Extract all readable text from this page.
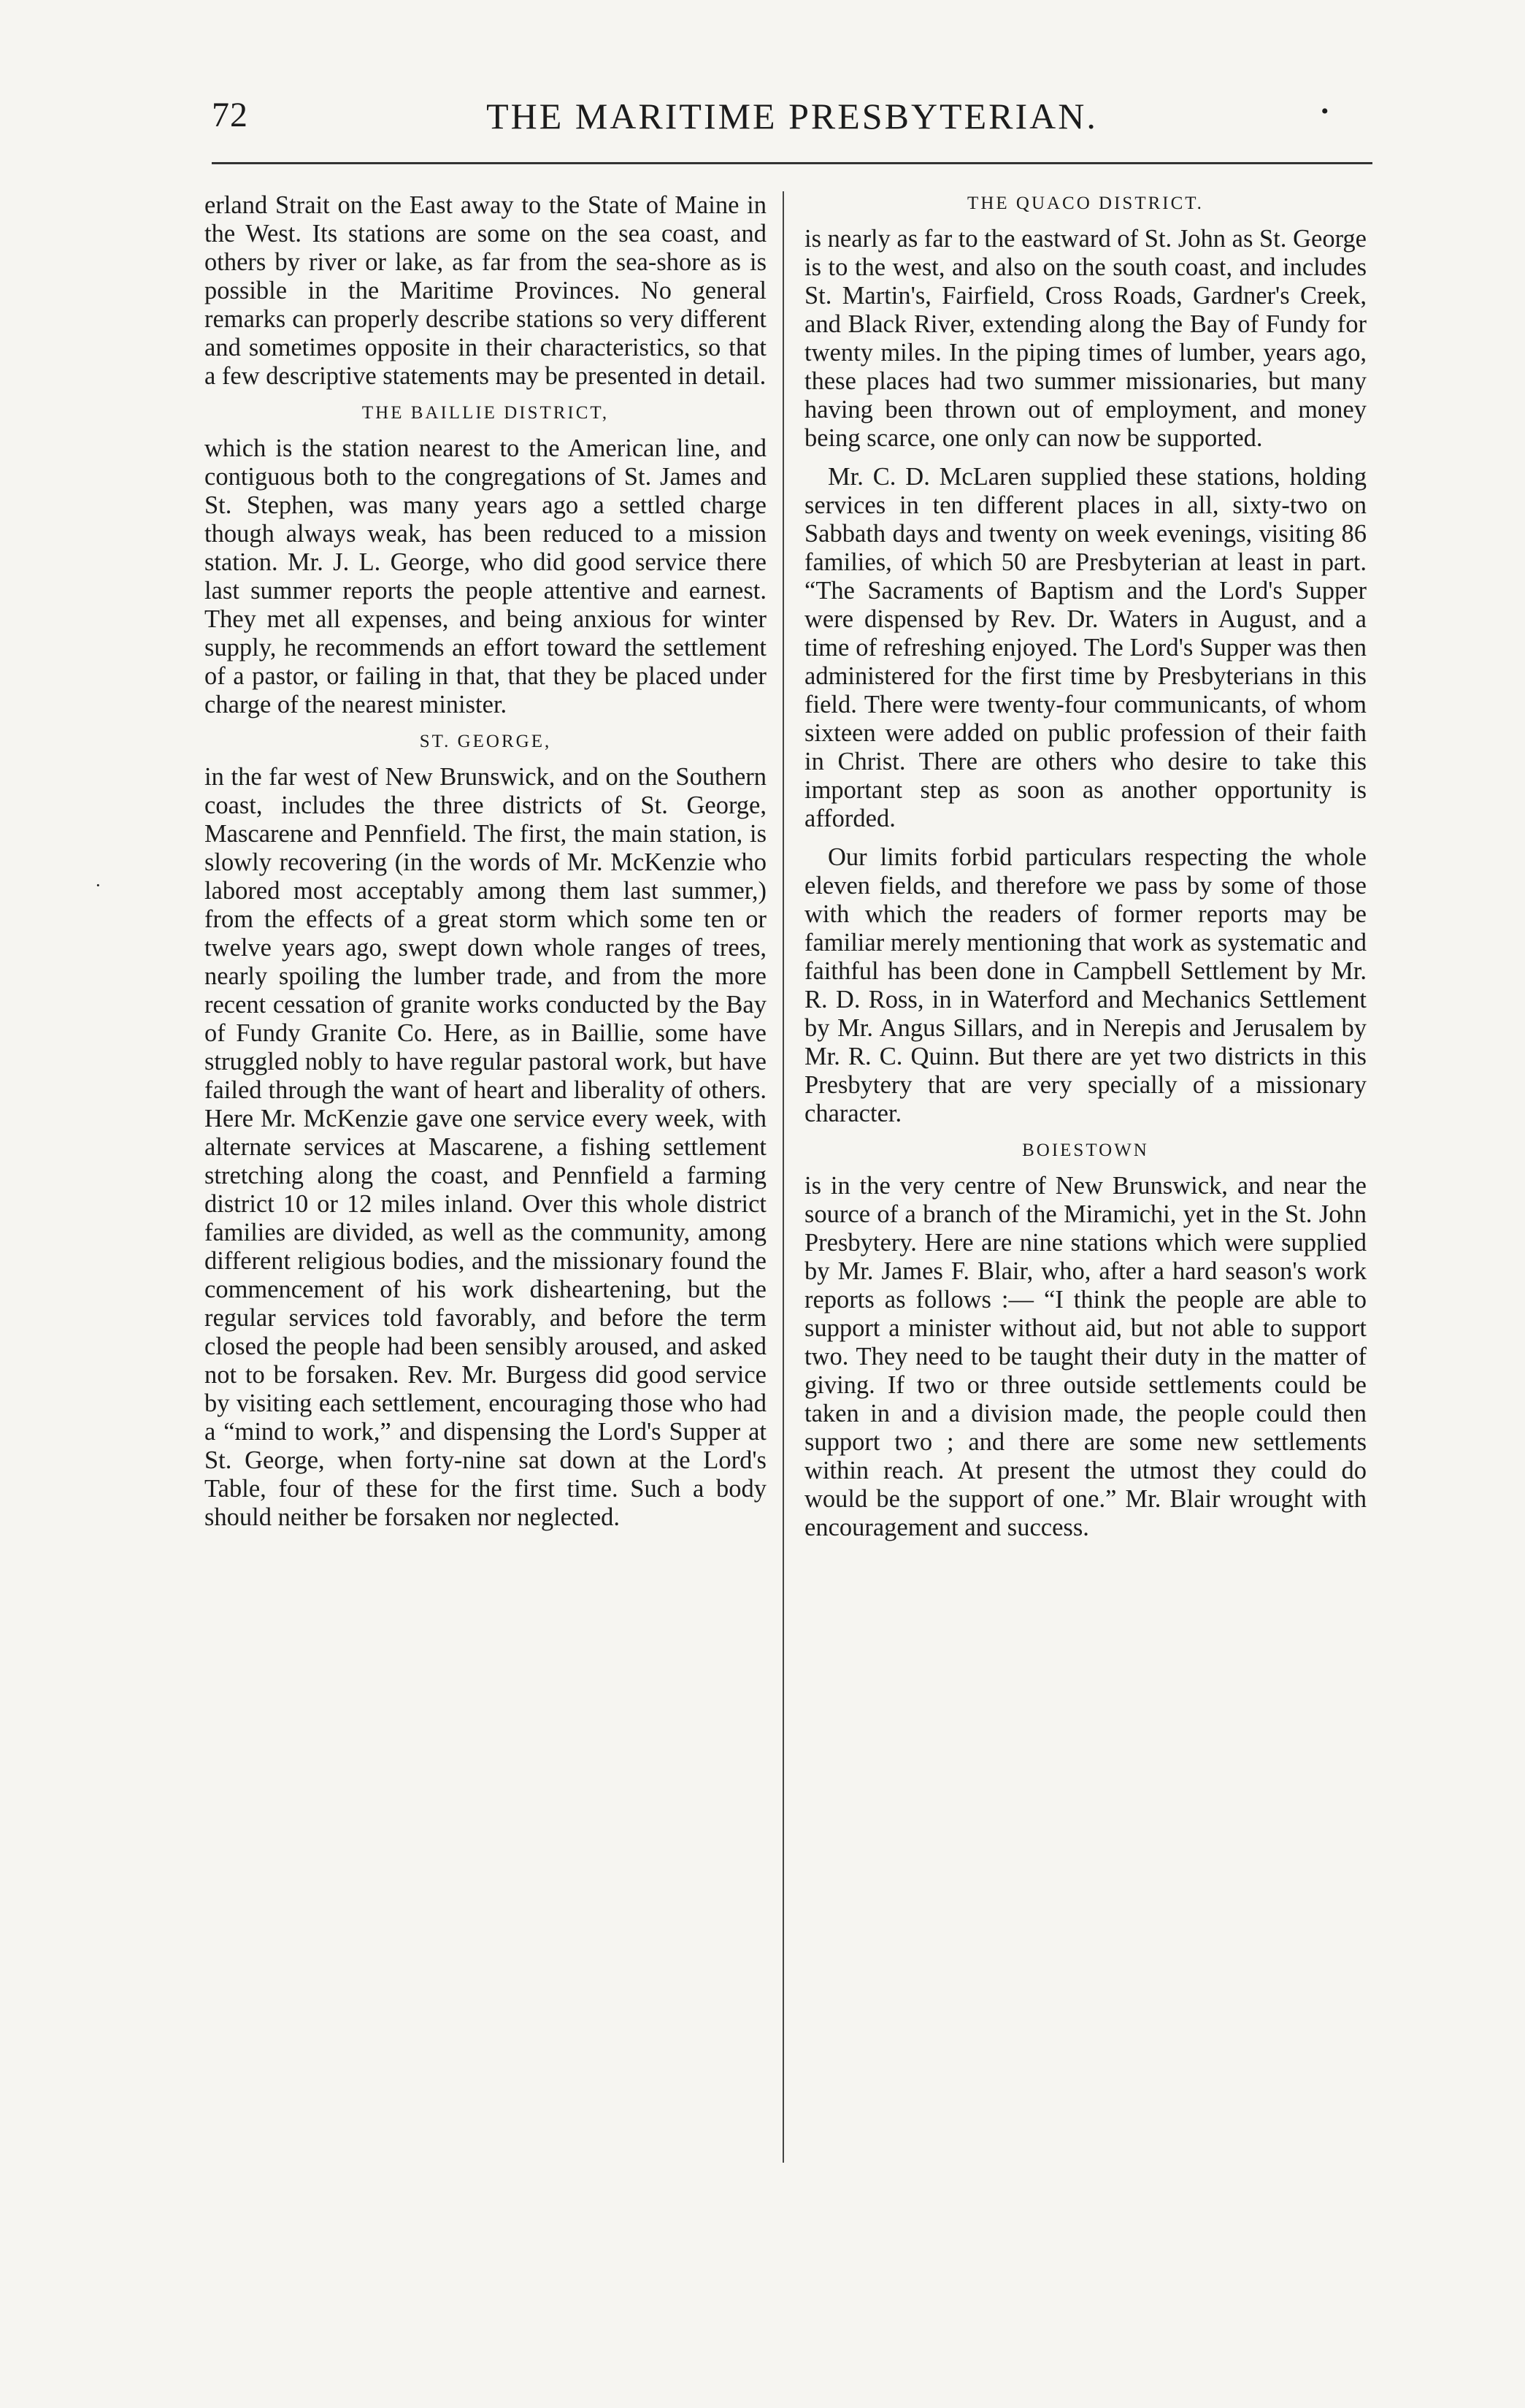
72	THE MARITIME PRESBYTERIAN.	•

erland Strait on the East away to the State of Maine in the West. Its stations are some on the sea coast, and others by river or lake, as far from the sea-shore as is possible in the Maritime Provinces. No general remarks can properly describe stations so very different and sometimes opposite in their characteristics, so that a few descriptive statements may be presented in detail.

THE BAILLIE DISTRICT,

which is the station nearest to the American line, and contiguous both to the congregations of St. James and St. Stephen, was many years ago a settled charge though always weak, has been reduced to a mission station. Mr. J. L. George, who did good service there last summer reports the people attentive and earnest. They met all expenses, and being anxious for winter supply, he recommends an effort toward the settlement of a pastor, or failing in that, that they be placed under charge of the nearest minister.

ST. GEORGE,

in the far west of New Brunswick, and on the Southern coast, includes the three districts of St. George, Mascarene and Pennfield. The first, the main station, is slowly recovering (in the words of Mr. McKenzie who labored most acceptably among them last summer,) from the effects of a great storm which some ten or twelve years ago, swept down whole ranges of trees, nearly spoiling the lumber trade, and from the more recent cessation of granite works conducted by the Bay of Fundy Granite Co. Here, as in Baillie, some have struggled nobly to have regular pastoral work, but have failed through the want of heart and liberality of others. Here Mr. McKenzie gave one service every week, with alternate services at Mascarene, a fishing settlement stretching along the coast, and Pennfield a farming district 10 or 12 miles inland. Over this whole district families are divided, as well as the community, among different religious bodies, and the missionary found the commencement of his work disheartening, but the regular services told favorably, and before the term closed the people had been sensibly aroused, and asked not to be forsaken. Rev. Mr. Burgess did good service by visiting each settlement, encouraging those who had a “mind to work,” and dispensing the Lord's Supper at St. George, when forty-nine sat down at the Lord's Table, four of these for the first time. Such a body should neither be forsaken nor neglected.

THE QUACO DISTRICT.

is nearly as far to the eastward of St. John as St. George is to the west, and also on the south coast, and includes St. Martin's, Fairfield, Cross Roads, Gardner's Creek, and Black River, extending along the Bay of Fundy for twenty miles. In the piping times of lumber, years ago, these places had two summer missionaries, but many having been thrown out of employment, and money being scarce, one only can now be supported.

Mr. C. D. McLaren supplied these stations, holding services in ten different places in all, sixty-two on Sabbath days and twenty on week evenings, visiting 86 families, of which 50 are Presbyterian at least in part. “The Sacraments of Baptism and the Lord's Supper were dispensed by Rev. Dr. Waters in August, and a time of refreshing enjoyed. The Lord's Supper was then administered for the first time by Presbyterians in this field. There were twenty-four communicants, of whom sixteen were added on public profession of their faith in Christ. There are others who desire to take this important step as soon as another opportunity is afforded.

Our limits forbid particulars respecting the whole eleven fields, and therefore we pass by some of those with which the readers of former reports may be familiar merely mentioning that work as systematic and faithful has been done in Campbell Settlement by Mr. R. D. Ross, in in Waterford and Mechanics Settlement by Mr. Angus Sillars, and in Nerepis and Jerusalem by Mr. R. C. Quinn. But there are yet two districts in this Presbytery that are very specially of a missionary character.

BOIESTOWN

is in the very centre of New Brunswick, and near the source of a branch of the Miramichi, yet in the St. John Presbytery. Here are nine stations which were supplied by Mr. James F. Blair, who, after a hard season's work reports as follows :— “I think the people are able to support a minister without aid, but not able to support two. They need to be taught their duty in the matter of giving. If two or three outside settlements could be taken in and a division made, the people could then support two ; and there are some new settlements within reach. At present the utmost they could do would be the support of one.” Mr. Blair wrought with encouragement and success.

·
